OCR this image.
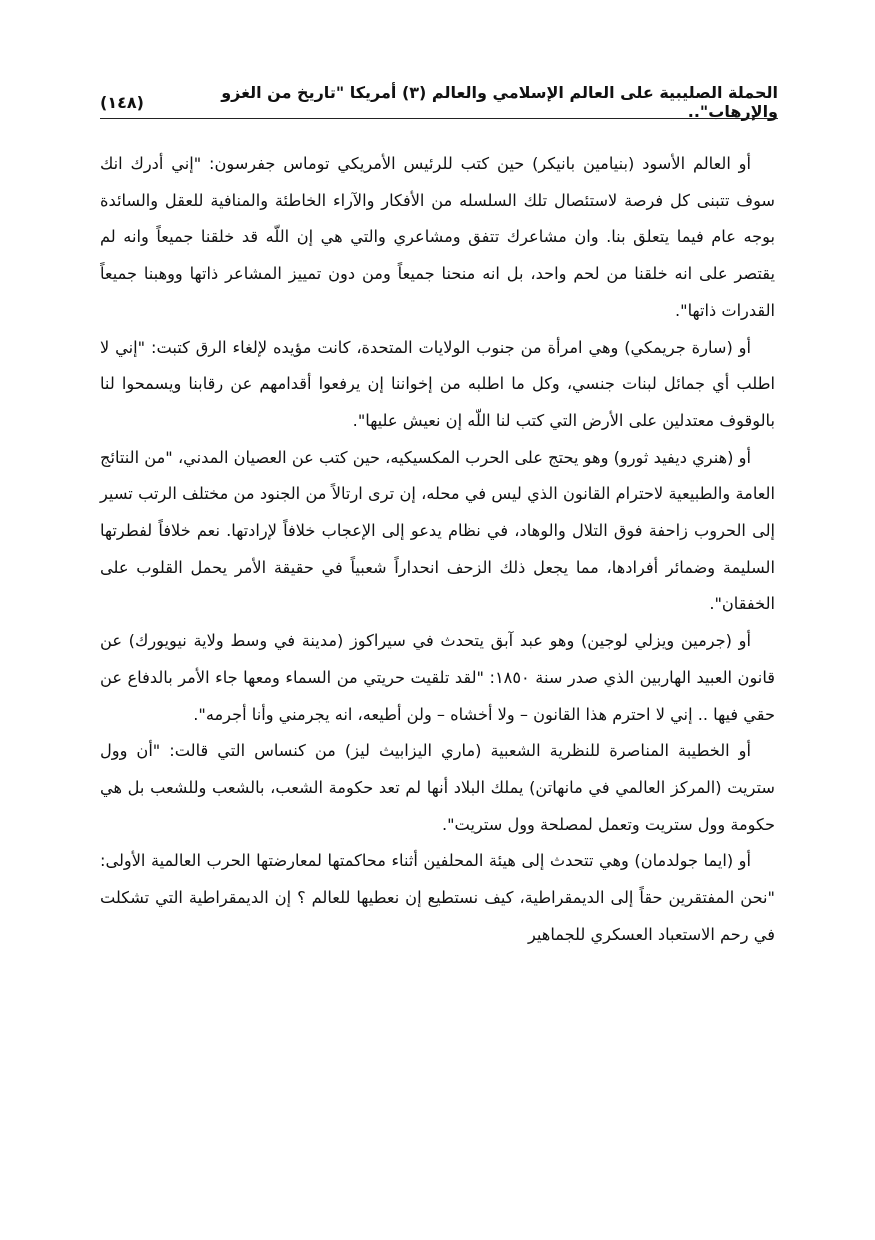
الحملة الصليبية على العالم الإسلامي والعالم (٣) أمريكا "تاريخ من الغزو والإرهاب"..
(١٤٨)

أو العالم الأسود (بنيامين بانيكر) حين كتب للرئيس الأمريكي توماس جفرسون: "إني أدرك انك سوف تتبنى كل فرصة لاستئصال تلك السلسله من الأفكار والآراء الخاطئة والمنافية للعقل والسائدة بوجه عام فيما يتعلق بنا. وان مشاعرك تتفق ومشاعري والتي هي إن اللّه قد خلقنا جميعاً وانه لم يقتصر على انه خلقنا من لحم واحد، بل انه منحنا جميعاً ومن دون تمييز المشاعر ذاتها ووهبنا جميعاً القدرات ذاتها".

أو (سارة جريمكي) وهي امرأة من جنوب الولايات المتحدة، كانت مؤيده لإلغاء الرق كتبت: "إني لا اطلب أي جمائل لبنات جنسي، وكل ما اطلبه من إخواننا إن يرفعوا أقدامهم عن رقابنا ويسمحوا لنا بالوقوف معتدلين على الأرض التي كتب لنا اللّه إن نعيش عليها".

أو (هنري ديفيد ثورو) وهو يحتج على الحرب المكسيكيه، حين كتب عن العصيان المدني، "من النتائج العامة والطبيعية لاحترام القانون الذي ليس في محله، إن ترى ارتالاً من الجنود من مختلف الرتب تسير إلى الحروب زاحفة فوق التلال والوهاد، في نظام يدعو إلى الإعجاب خلافاً لإرادتها. نعم خلافاً لفطرتها السليمة وضمائر أفرادها، مما يجعل ذلك الزحف انحداراً شعبياً في حقيقة الأمر يحمل القلوب على الخفقان".

أو (جرمين ويزلي لوجين) وهو عبد آبق يتحدث في سيراكوز (مدينة في وسط ولاية نيويورك) عن قانون العبيد الهاربين الذي صدر سنة ١٨٥٠: "لقد تلقيت حريتي من السماء ومعها جاء الأمر بالدفاع عن حقي فيها .. إني لا احترم هذا القانون – ولا أخشاه – ولن أطيعه، انه يجرمني وأنا أجرمه".

أو الخطيبة المناصرة للنظرية الشعبية (ماري اليزابيث ليز) من كنساس التي قالت: "أن وول ستريت (المركز العالمي في مانهاتن) يملك البلاد أنها لم تعد حكومة الشعب، بالشعب وللشعب بل هي حكومة وول ستريت وتعمل لمصلحة وول ستريت".

أو (ايما جولدمان) وهي تتحدث إلى هيئة المحلفين أثناء محاكمتها لمعارضتها الحرب العالمية الأولى: "نحن المفتقرين حقاً إلى الديمقراطية، كيف نستطيع إن نعطيها للعالم ؟ إن الديمقراطية التي تشكلت في رحم الاستعباد العسكري للجماهير
